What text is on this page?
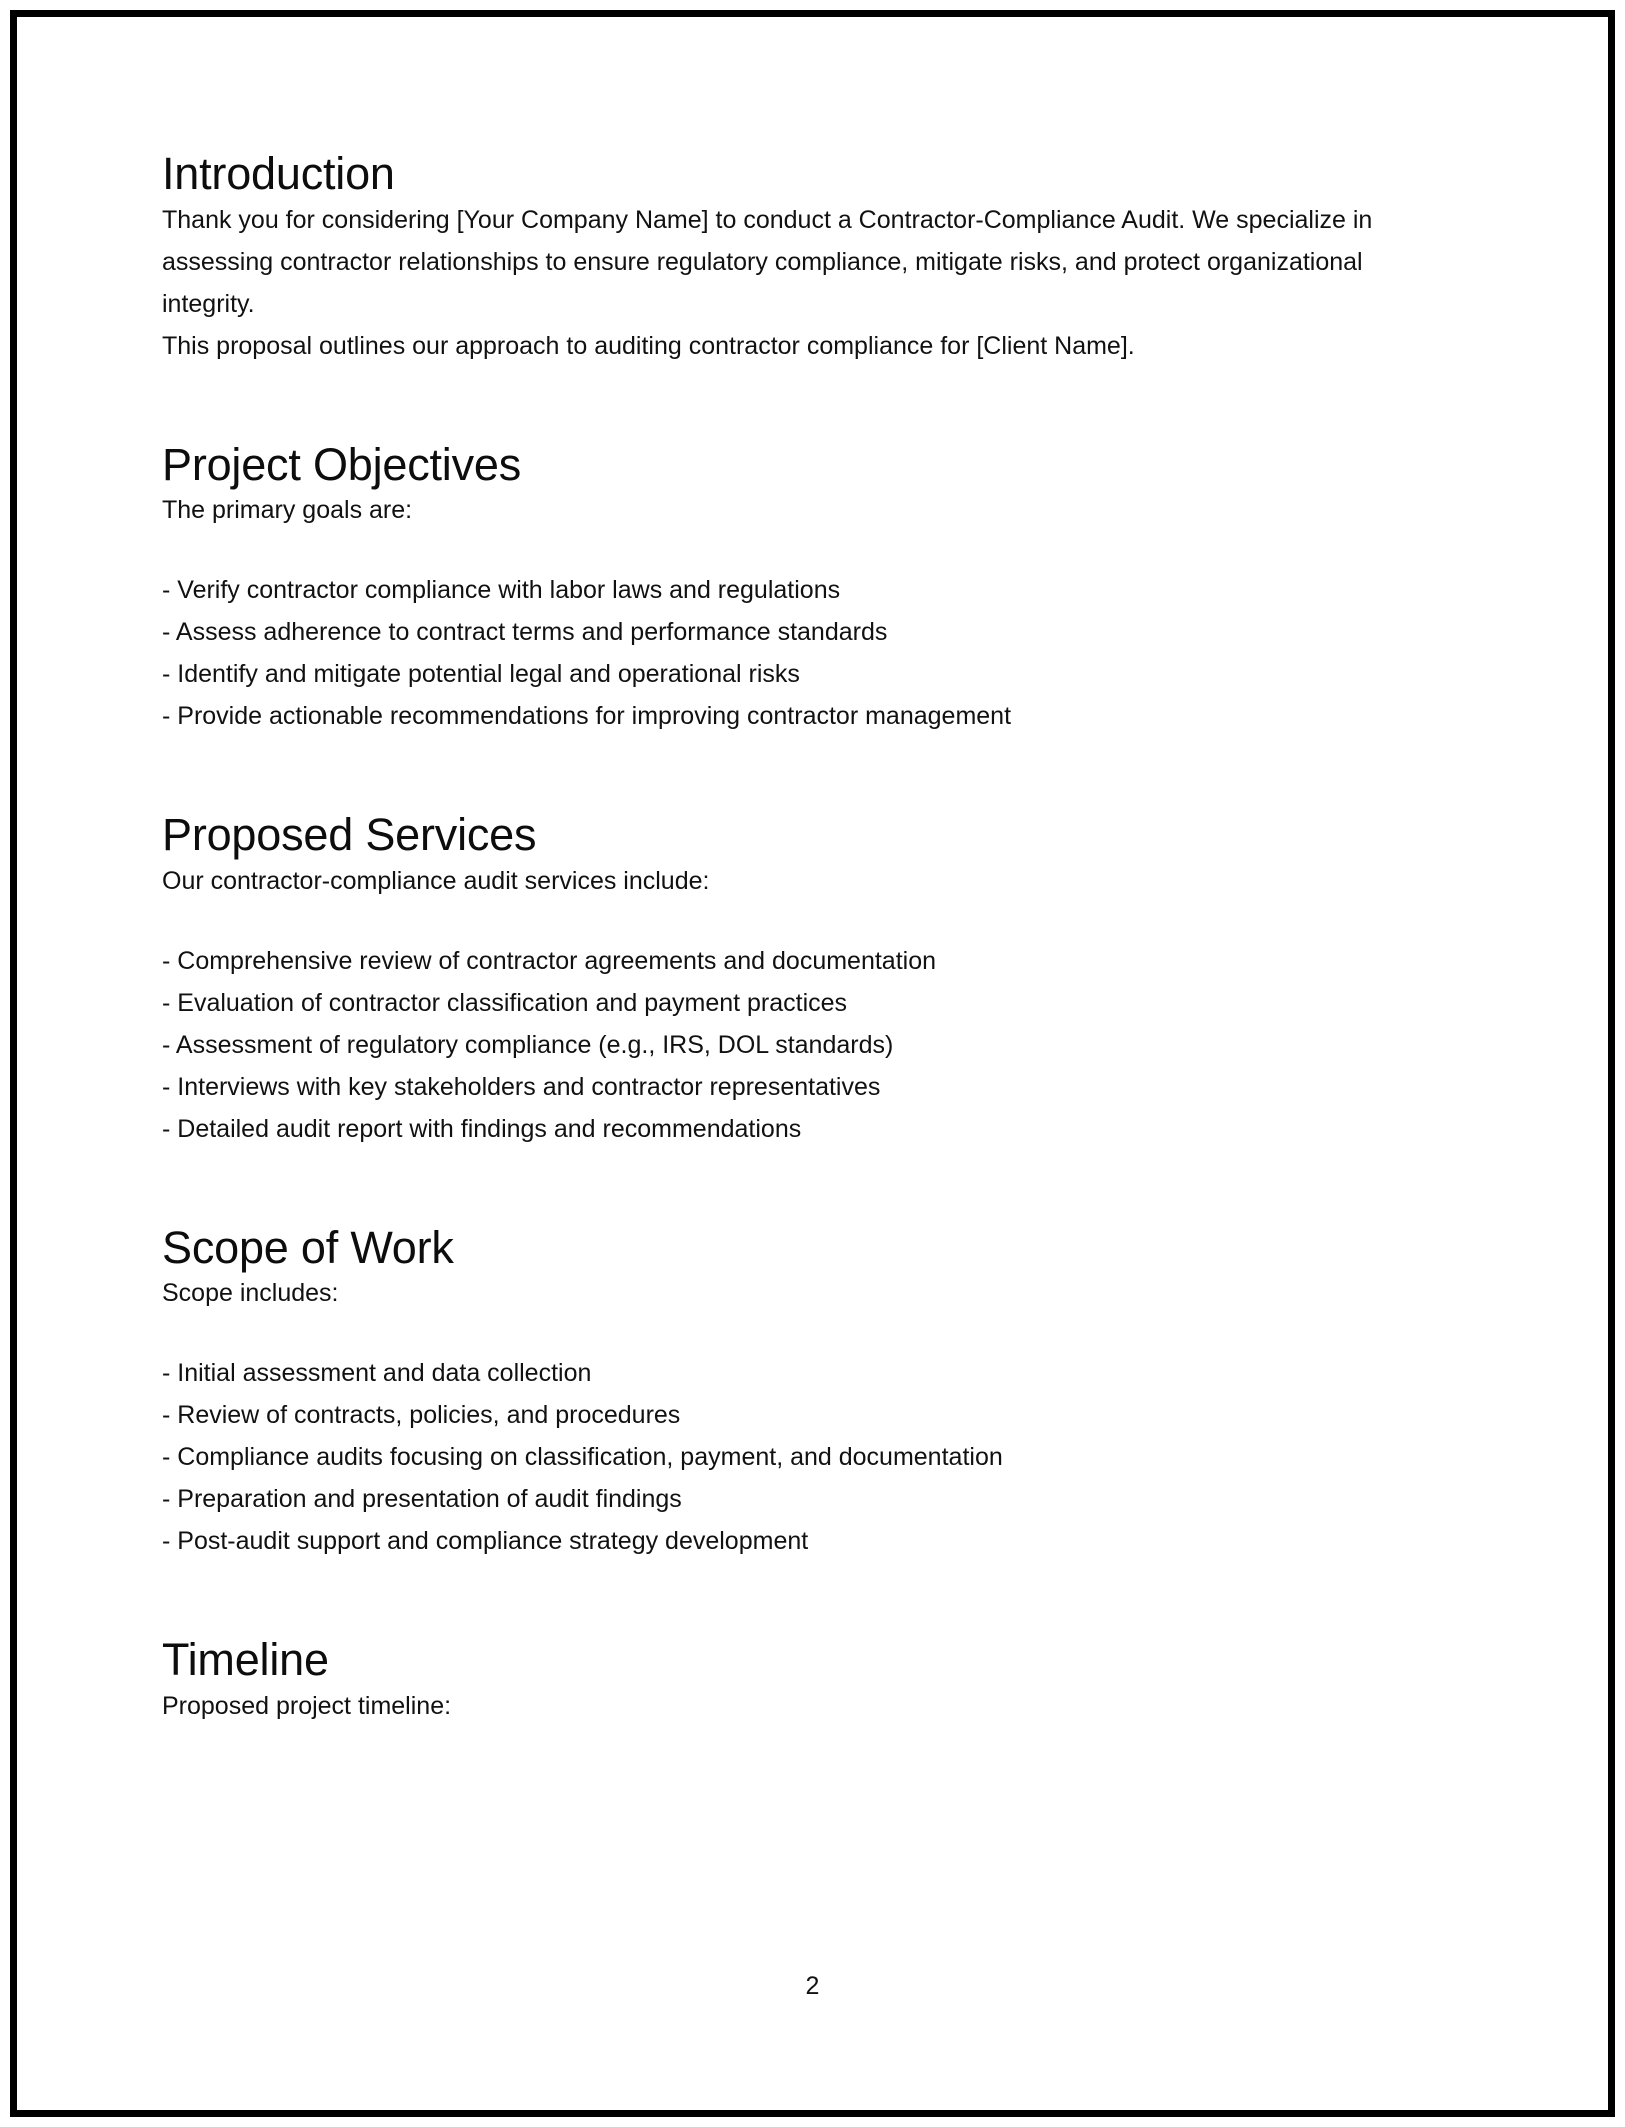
Introduction

Thank you for considering [Your Company Name] to conduct a Contractor-Compliance Audit. We specialize in assessing contractor relationships to ensure regulatory compliance, mitigate risks, and protect organizational integrity.

This proposal outlines our approach to auditing contractor compliance for [Client Name].

Project Objectives

The primary goals are:

- Verify contractor compliance with labor laws and regulations
- Assess adherence to contract terms and performance standards
- Identify and mitigate potential legal and operational risks
- Provide actionable recommendations for improving contractor management
Proposed Services

Our contractor-compliance audit services include:

- Comprehensive review of contractor agreements and documentation
- Evaluation of contractor classification and payment practices
- Assessment of regulatory compliance (e.g., IRS, DOL standards)
- Interviews with key stakeholders and contractor representatives
- Detailed audit report with findings and recommendations
Scope of Work

Scope includes:

- Initial assessment and data collection
- Review of contracts, policies, and procedures
- Compliance audits focusing on classification, payment, and documentation
- Preparation and presentation of audit findings
- Post-audit support and compliance strategy development
Timeline

Proposed project timeline:

2
